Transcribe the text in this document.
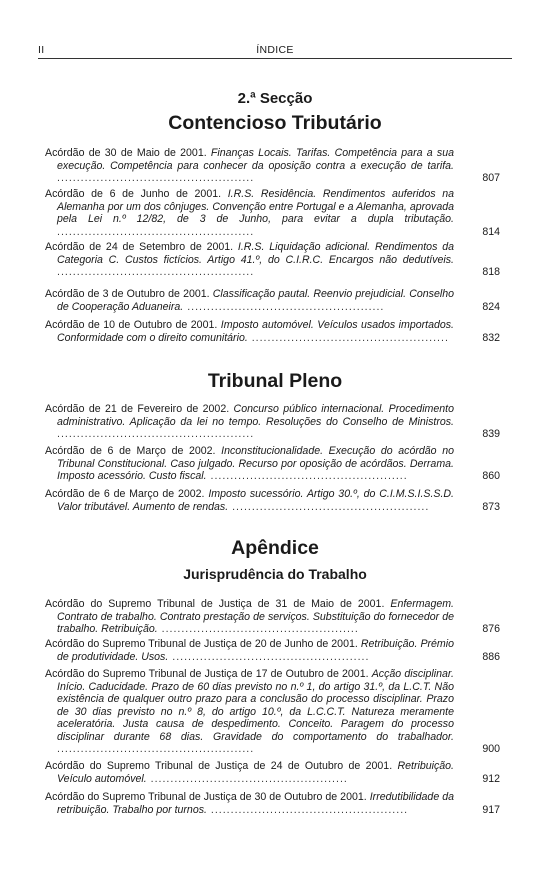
II	ÍNDICE
2.ª Secção
Contencioso Tributário
Tribunal Pleno
Apêndice
Jurisprudência do Trabalho
Acórdão de 30 de Maio de 2001. Finanças Locais. Tarifas. Competência para a sua execução. Competência para conhecer da oposição contra a execução de tarifa. ..................................................	807
Acórdão de 6 de Junho de 2001. I.R.S. Residência. Rendimentos auferidos na Alemanha por um dos cônjuges. Convenção entre Portugal e a Alemanha, aprovada pela Lei n.º 12/82, de 3 de Junho, para evitar a dupla tributação. ..................................................	814
Acórdão de 24 de Setembro de 2001. I.R.S. Liquidação adicional. Rendimentos da Categoria C. Custos fictícios. Artigo 41.º, do C.I.R.C. Encargos não dedutíveis. ..................................................	818
Acórdão de 3 de Outubro de 2001. Classificação pautal. Reenvio prejudicial. Conselho de Cooperação Aduaneira. ..................................................	824
Acórdão de 10 de Outubro de 2001. Imposto automóvel. Veículos usados importados. Conformidade com o direito comunitário. ..................................................	832
Acórdão de 21 de Fevereiro de 2002. Concurso público internacional. Procedimento administrativo. Aplicação da lei no tempo. Resoluções do Conselho de Ministros. ..................................................	839
Acórdão de 6 de Março de 2002. Inconstitucionalidade. Execução do acórdão no Tribunal Constitucional. Caso julgado. Recurso por oposição de acórdãos. Derrama. Imposto acessório. Custo fiscal. ..................................................	860
Acórdão de 6 de Março de 2002. Imposto sucessório. Artigo 30.º, do C.I.M.S.I.S.S.D. Valor tributável. Aumento de rendas. ..................................................	873
Acórdão do Supremo Tribunal de Justiça de 31 de Maio de 2001. Enfermagem. Contrato de trabalho. Contrato prestação de serviços. Substituição do fornecedor de trabalho. Retribuição. ..................................................	876
Acórdão do Supremo Tribunal de Justiça de 20 de Junho de 2001. Retribuição. Prémio de produtividade. Usos. ..................................................	886
Acórdão do Supremo Tribunal de Justiça de 17 de Outubro de 2001. Acção disciplinar. Início. Caducidade. Prazo de 60 dias previsto no n.º 1, do artigo 31.º, da L.C.T. Não existência de qualquer outro prazo para a conclusão do processo disciplinar. Prazo de 30 dias previsto no n.º 8, do artigo 10.º, da L.C.C.T. Natureza meramente aceleratória. Justa causa de despedimento. Conceito. Paragem do processo disciplinar durante 68 dias. Gravidade do comportamento do trabalhador. ..................................................	900
Acórdão do Supremo Tribunal de Justiça de 24 de Outubro de 2001. Retribuição. Veículo automóvel. ..................................................	912
Acórdão do Supremo Tribunal de Justiça de 30 de Outubro de 2001. Irredutibilidade da retribuição. Trabalho por turnos. ..................................................	917
